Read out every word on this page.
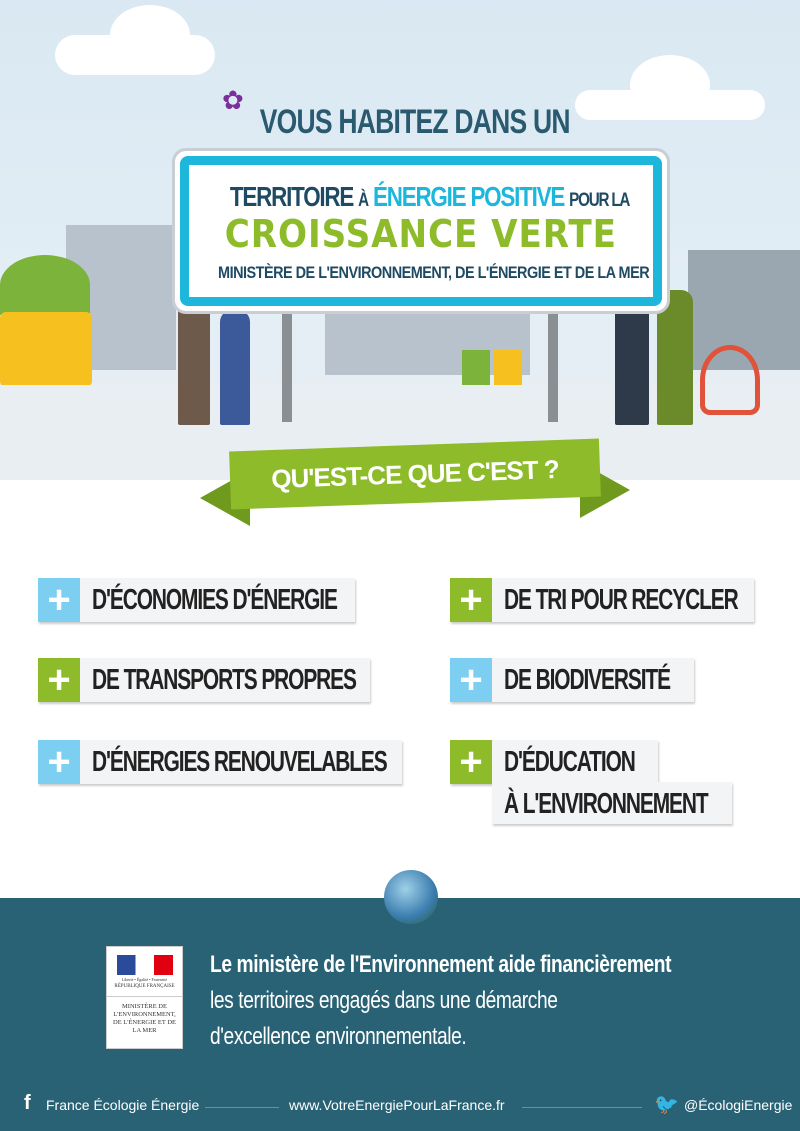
✿
VOUS HABITEZ DANS UN
TERRITOIRE À ÉNERGIE POSITIVE POUR LA
CROISSANCE VERTE
MINISTÈRE DE L'ENVIRONNEMENT, DE L'ÉNERGIE ET DE LA MER
QU'EST-CE QUE C'EST ?
+ D'ÉCONOMIES D'ÉNERGIE
+ DE TRANSPORTS PROPRES
+ D'ÉNERGIES RENOUVELABLES
+ DE TRI POUR RECYCLER
+ DE BIODIVERSITÉ
+ D'ÉDUCATION
À L'ENVIRONNEMENT
Liberté • Égalité • Fraternité
RÉPUBLIQUE FRANÇAISE
MINISTÈRE DE L'ENVIRONNEMENT, DE L'ÉNERGIE ET DE LA MER
Le ministère de l'Environnement aide financièrement
les territoires engagés dans une démarche
d'excellence environnementale.
f France Écologie Énergie	www.VotreEnergiePourLaFrance.fr	🐦 @ÉcologiEnergie
